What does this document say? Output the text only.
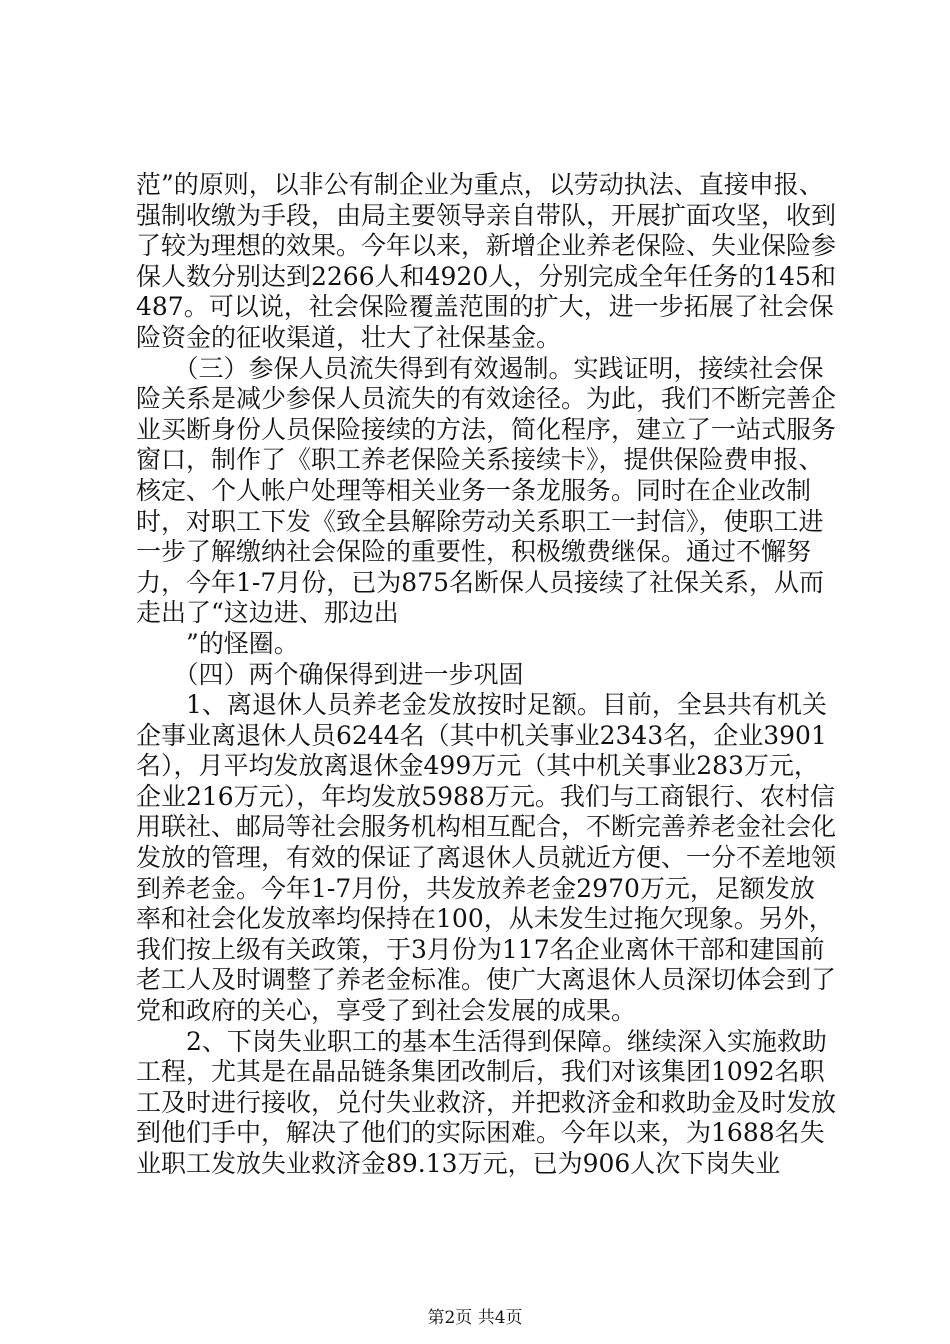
范”的原则，以非公有制企业为重点，以劳动执法、直接申报、强制收缴为手段，由局主要领导亲自带队，开展扩面攻坚，收到了较为理想的效果。今年以来，新增企业养老保险、失业保险参保人数分别达到2266人和4920人，分别完成全年任务的145和487。可以说，社会保险覆盖范围的扩大，进一步拓展了社会保险资金的征收渠道，壮大了社保基金。

　　（三）参保人员流失得到有效遏制。实践证明，接续社会保险关系是减少参保人员流失的有效途径。为此，我们不断完善企业买断身份人员保险接续的方法，简化程序，建立了一站式服务窗口，制作了《职工养老保险关系接续卡》，提供保险费申报、核定、个人帐户处理等相关业务一条龙服务。同时在企业改制时，对职工下发《致全县解除劳动关系职工一封信》，使职工进一步了解缴纳社会保险的重要性，积极缴费继保。通过不懈努力，今年1-7月份，已为875名断保人员接续了社保关系，从而走出了“这边进、那边出

　　”的怪圈。

　　（四）两个确保得到进一步巩固

　　1、离退休人员养老金发放按时足额。目前，全县共有机关企事业离退休人员6244名（其中机关事业2343名，企业3901名），月平均发放离退休金499万元（其中机关事业283万元，企业216万元），年均发放5988万元。我们与工商银行、农村信用联社、邮局等社会服务机构相互配合，不断完善养老金社会化发放的管理，有效的保证了离退休人员就近方便、一分不差地领到养老金。今年1-7月份，共发放养老金2970万元，足额发放率和社会化发放率均保持在100，从未发生过拖欠现象。另外，我们按上级有关政策，于3月份为117名企业离休干部和建国前老工人及时调整了养老金标准。使广大离退休人员深切体会到了党和政府的关心，享受了到社会发展的成果。

　　2、下岗失业职工的基本生活得到保障。继续深入实施救助工程，尤其是在晶品链条集团改制后，我们对该集团1092名职工及时进行接收，兑付失业救济，并把救济金和救助金及时发放到他们手中，解决了他们的实际困难。今年以来，为1688名失业职工发放失业救济金89.13万元，已为906人次下岗失业

第2页 共4页
